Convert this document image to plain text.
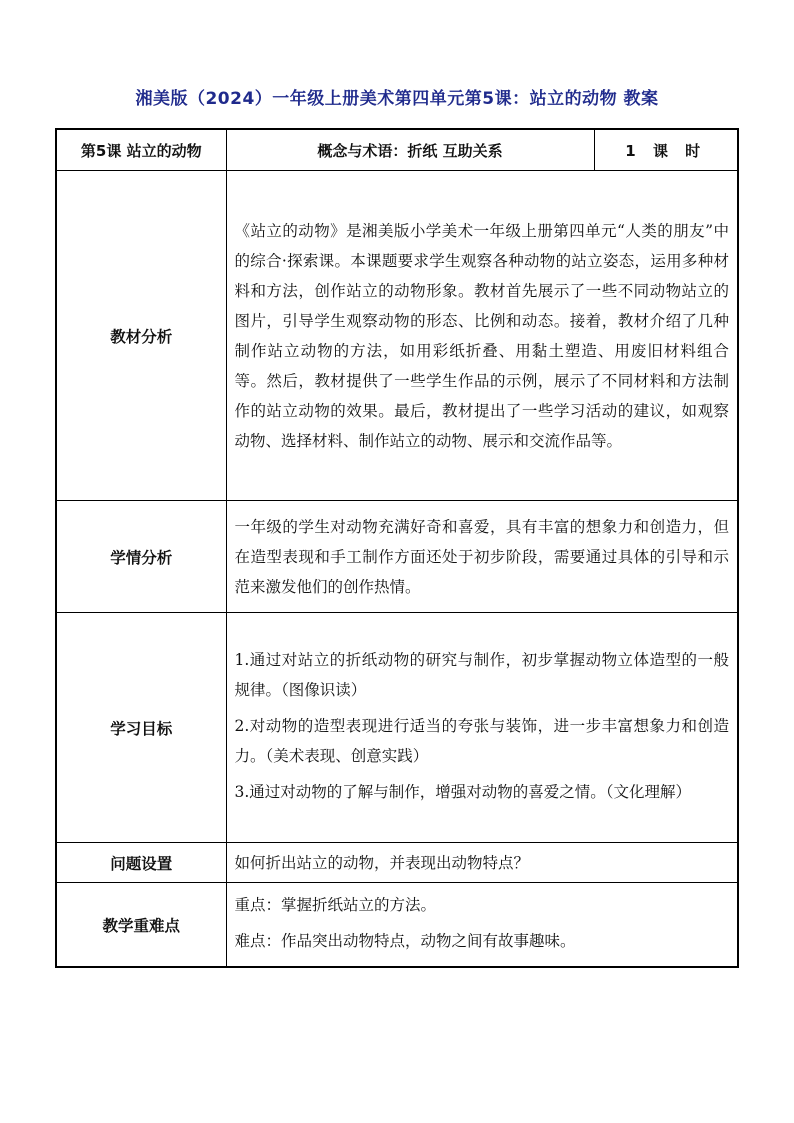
湘美版（2024）一年级上册美术第四单元第5课：站立的动物 教案
第5课 站立的动物	概念与术语：折纸 互助关系	1 课 时
教材分析	《站立的动物》是湘美版小学美术一年级上册第四单元“人类的朋友”中的综合·探索课。本课题要求学生观察各种动物的站立姿态，运用多种材料和方法，创作站立的动物形象。教材首先展示了一些不同动物站立的图片，引导学生观察动物的形态、比例和动态。接着，教材介绍了几种制作站立动物的方法，如用彩纸折叠、用黏土塑造、用废旧材料组合等。然后，教材提供了一些学生作品的示例，展示了不同材料和方法制作的站立动物的效果。最后，教材提出了一些学习活动的建议，如观察动物、选择材料、制作站立的动物、展示和交流作品等。	

学情分析	一年级的学生对动物充满好奇和喜爱，具有丰富的想象力和创造力，但在造型表现和手工制作方面还处于初步阶段，需要通过具体的引导和示范来激发他们的创作热情。	

学习目标	1.通过对站立的折纸动物的研究与制作，初步掌握动物立体造型的一般规律。（图像识读）

2.对动物的造型表现进行适当的夸张与装饰，进一步丰富想象力和创造力。（美术表现、创意实践）

3.通过对动物的了解与制作，增强对动物的喜爱之情。（文化理解）	

问题设置	如何折出站立的动物，并表现出动物特点？	

教学重难点	重点：掌握折纸站立的方法。

难点：作品突出动物特点，动物之间有故事趣味。	
